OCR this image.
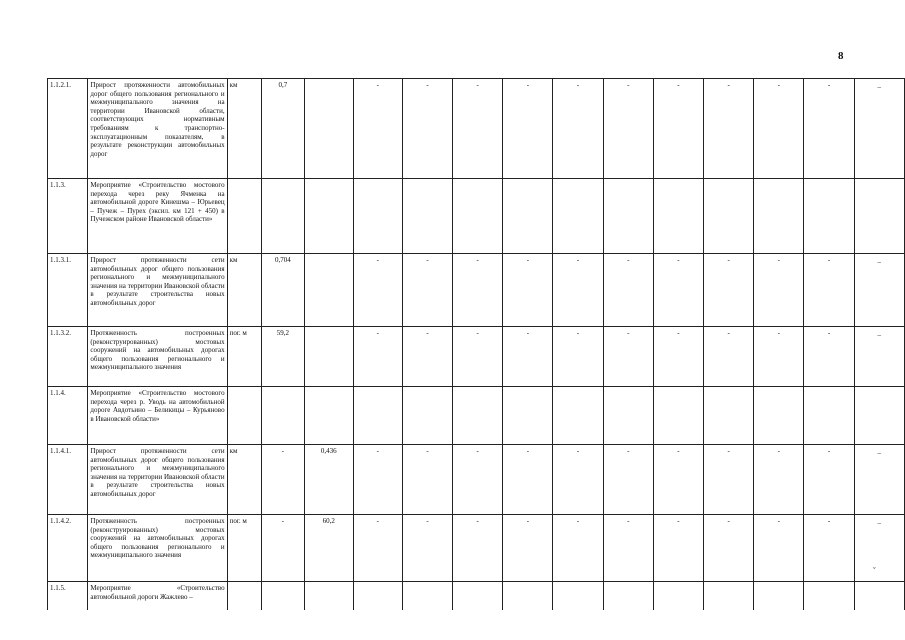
8
1.1.2.1.	Прирост протяженности автомобильных дорог общего пользования регионального и межмуниципального значения на территории Ивановской области, соответствующих нормативным требованиям к транспортно-эксплуатационным показателям, в результате реконструкции автомобильных дорог	км	0,7		-	-	-	-	-	-	-	-	-	-	_
1.1.3.	Мероприятие «Строительство мостового перехода через реку Ячменка на автомобильной дороге Кинешма – Юрьевец – Пучеж – Пурех (эксил. км 121 + 450) в Пучежском районе Ивановской области»														
1.1.3.1.	Прирост протяженности сети автомобильных дорог общего пользования регионального и межмуниципального значения на территории Ивановской области в результате строительства новых автомобильных дорог	км	0,704		-	-	-	-	-	-	-	-	-	-	_
1.1.3.2.	Протяженность построенных (реконструированных) мостовых сооружений на автомобильных дорогах общего пользования регионального и межмуниципального значения	пог. м	59,2		-	-	-	-	-	-	-	-	-	-	_
1.1.4.	Мероприятие «Строительство мостового перехода через р. Уводь на автомобильной дороге Авдотьино – Беликицы – Курьяново в Ивановской области»														
1.1.4.1.	Прирост протяженности сети автомобильных дорог общего пользования регионального и межмуниципального значения на территории Ивановской области в результате строительства новых автомобильных дорог	км	-	0,436	-	-	-	-	-	-	-	-	-	-	_
1.1.4.2.	Протяженность построенных (реконструированных) мостовых сооружений на автомобильных дорогах общего пользования регионального и межмуниципального значения	пог. м	-	60,2	-	-	-	-	-	-	-	-	-	-	_
1.1.5.	Мероприятие «Строительство автомобильной дороги Жажлево –														
ˇ
